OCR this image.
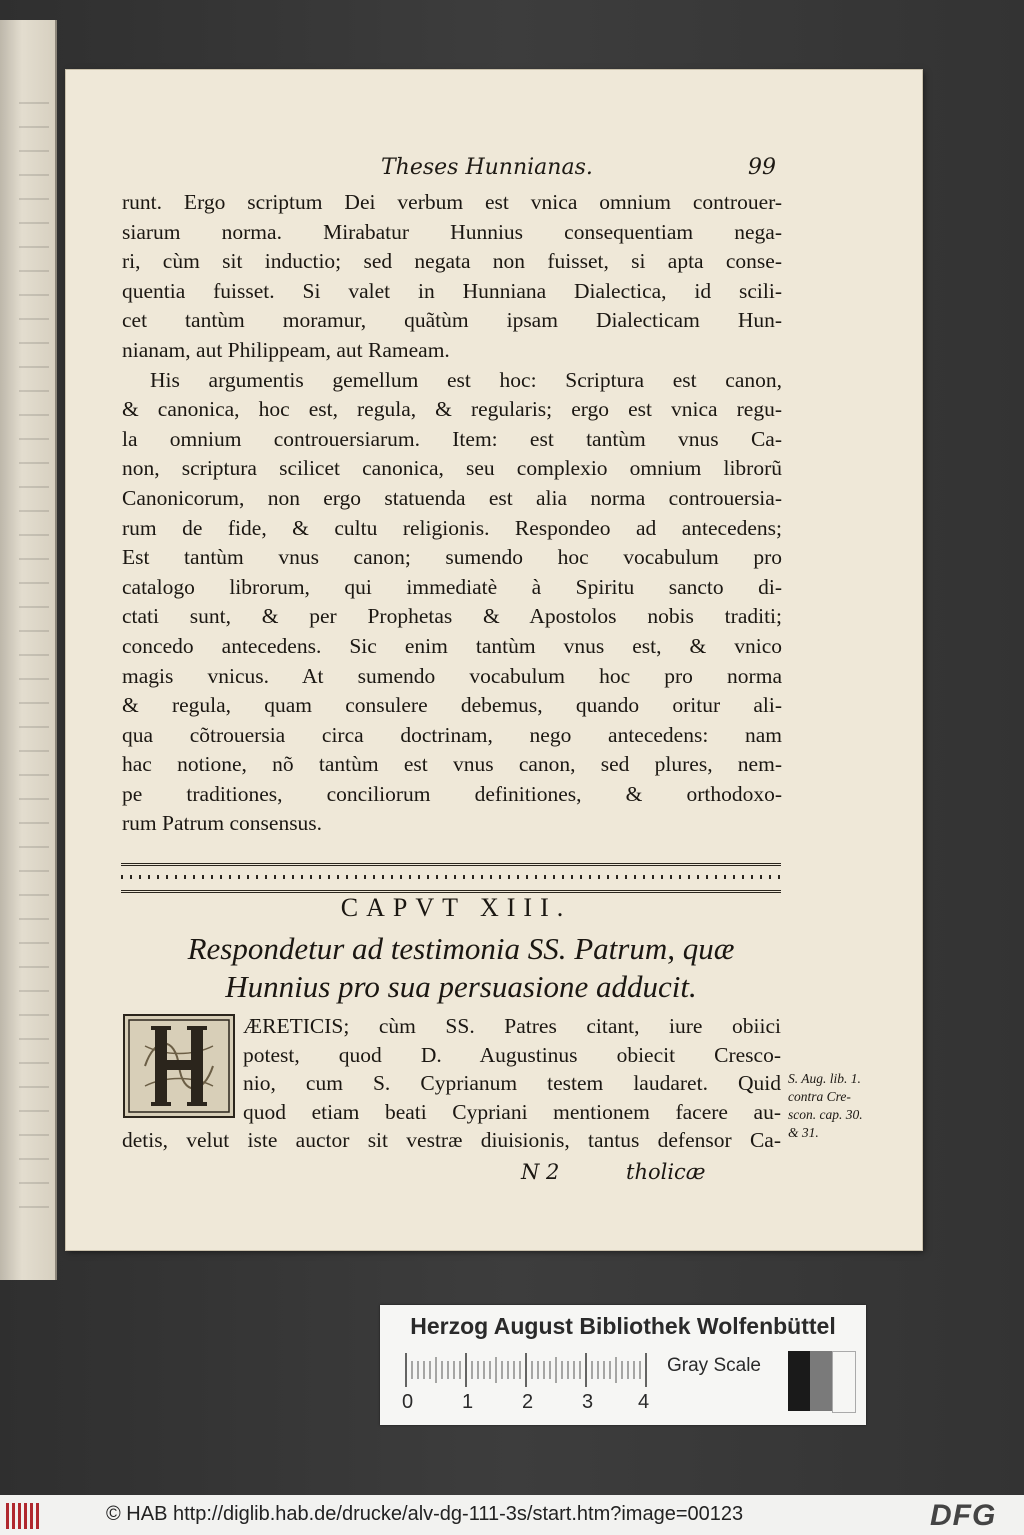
Theses Hunnianas.	99
runt. Ergo scriptum Dei verbum est vnica omnium controuer-
siarum norma. Mirabatur Hunnius consequentiam nega-
ri, cùm sit inductio; sed negata non fuisset, si apta conse-
quentia fuisset. Si valet in Hunniana Dialectica, id scili-
cet tantùm moramur, quãtùm ipsam Dialecticam Hun-
nianam, aut Philippeam, aut Rameam.
His argumentis gemellum est hoc: Scriptura est canon,
& canonica, hoc est, regula, & regularis; ergo est vnica regu-
la omnium controuersiarum. Item: est tantùm vnus Ca-
non, scriptura scilicet canonica, seu complexio omnium librorũ
Canonicorum, non ergo statuenda est alia norma controuersia-
rum de fide, & cultu religionis. Respondeo ad antecedens;
Est tantùm vnus canon; sumendo hoc vocabulum pro
catalogo librorum, qui immediatè à Spiritu sancto di-
ctati sunt, & per Prophetas & Apostolos nobis traditi;
concedo antecedens. Sic enim tantùm vnus est, & vnico
magis vnicus. At sumendo vocabulum hoc pro norma
& regula, quam consulere debemus, quando oritur ali-
qua cõtrouersia circa doctrinam, nego antecedens: nam
hac notione, nõ tantùm est vnus canon, sed plures, nem-
pe traditiones, conciliorum definitiones, & orthodoxo-
rum Patrum consensus.
CAPVT XIII.
Respondetur ad testimonia SS. Patrum, quæ
Hunnius pro sua persuasione adducit.
ÆRETICIS; cùm SS. Patres citant, iure obiici
potest, quod D. Augustinus obiecit Cresco-
nio, cum S. Cyprianum testem laudaret. Quid
quod etiam beati Cypriani mentionem facere au-
detis, velut iste auctor sit vestræ diuisionis, tantus defensor Ca-
S. Aug. lib. 1.
contra Cre-
scon. cap. 30.
& 31.
N 2	tholicæ
Herzog August Bibliothek Wolfenbüttel
0 1 2 3 4
Gray Scale
© HAB http://diglib.hab.de/drucke/alv-dg-111-3s/start.htm?image=00123	DFG
